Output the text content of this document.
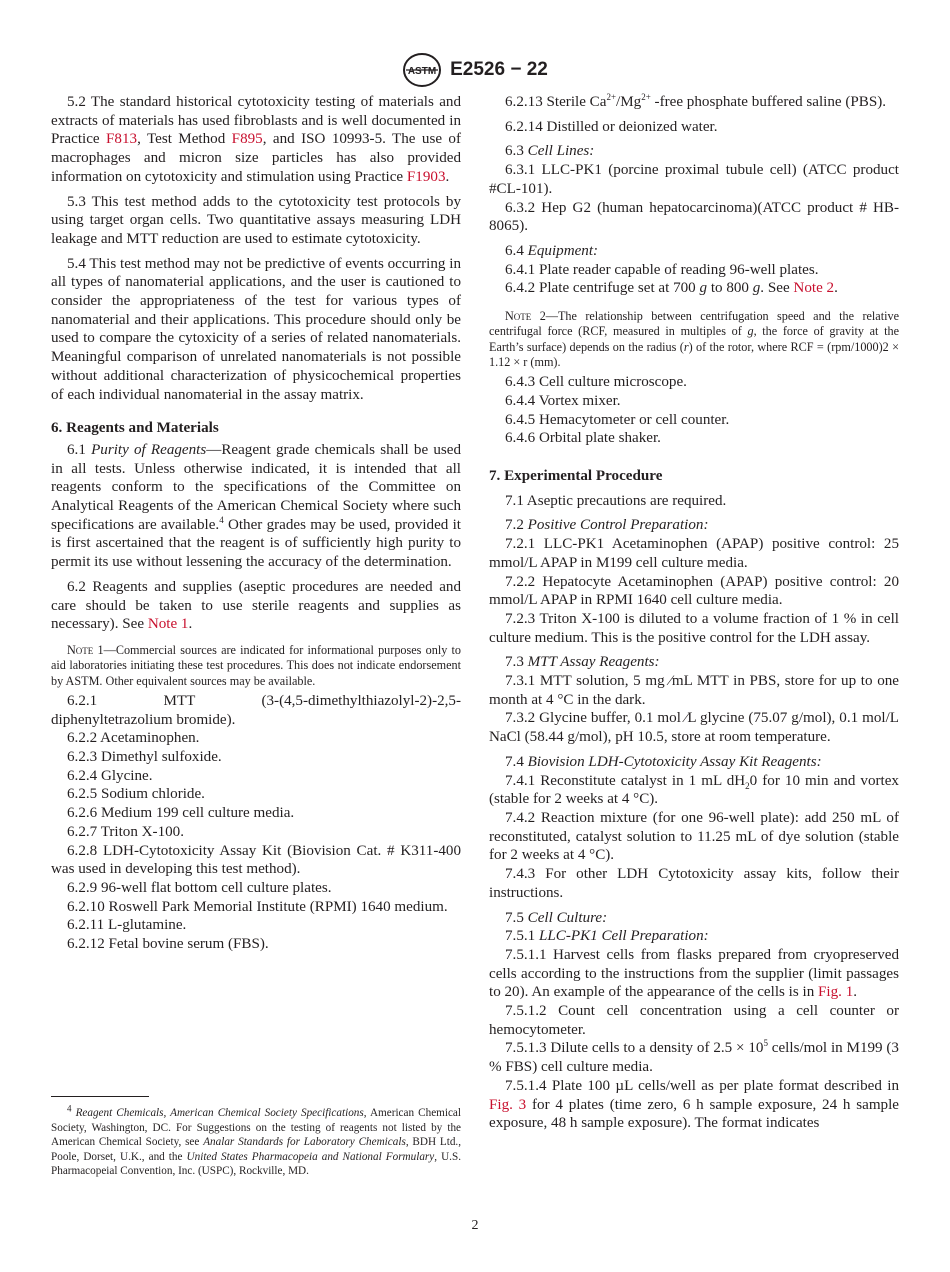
ASTM E2526 − 22

5.2 The standard historical cytotoxicity testing of materials and extracts of materials has used fibroblasts and is well documented in Practice F813, Test Method F895, and ISO 10993-5. The use of macrophages and micron size particles has also provided information on cytotoxicity and stimulation using Practice F1903.

5.3 This test method adds to the cytotoxicity test protocols by using target organ cells. Two quantitative assays measuring LDH leakage and MTT reduction are used to estimate cytotoxicity.

5.4 This test method may not be predictive of events occurring in all types of nanomaterial applications, and the user is cautioned to consider the appropriateness of the test for various types of nanomaterial and their applications. This procedure should only be used to compare the cytoxicity of a series of related nanomaterials. Meaningful comparison of unrelated nanomaterials is not possible without additional characterization of physicochemical properties of each individual nanomaterial in the assay matrix.

6. Reagents and Materials

6.1 Purity of Reagents—Reagent grade chemicals shall be used in all tests. Unless otherwise indicated, it is intended that all reagents conform to the specifications of the Committee on Analytical Reagents of the American Chemical Society where such specifications are available.$^4$ Other grades may be used, provided it is first ascertained that the reagent is of sufficiently high purity to permit its use without lessening the accuracy of the determination.

6.2 Reagents and supplies (aseptic procedures are needed and care should be taken to use sterile reagents and supplies as necessary). See Note 1.

Note 1—Commercial sources are indicated for informational purposes only to aid laboratories initiating these test procedures. This does not indicate endorsement by ASTM. Other equivalent sources may be available.

6.2.1 MTT (3-(4,5-dimethylthiazolyl-2)-2,5- diphenyltetrazolium bromide).

6.2.2 Acetaminophen.

6.2.3 Dimethyl sulfoxide.

6.2.4 Glycine.

6.2.5 Sodium chloride.

6.2.6 Medium 199 cell culture media.

6.2.7 Triton X-100.

6.2.8 LDH-Cytotoxicity Assay Kit (Biovision Cat. # K311-400 was used in developing this test method).

6.2.9 96-well flat bottom cell culture plates.

6.2.10 Roswell Park Memorial Institute (RPMI) 1640 medium.

6.2.11 L-glutamine.

6.2.12 Fetal bovine serum (FBS).

$^4$ Reagent Chemicals, American Chemical Society Specifications, American Chemical Society, Washington, DC. For Suggestions on the testing of reagents not listed by the American Chemical Society, see Analar Standards for Laboratory Chemicals, BDH Ltd., Poole, Dorset, U.K., and the United States Pharmacopeia and National Formulary, U.S. Pharmacopeial Convention, Inc. (USPC), Rockville, MD.

6.2.13 Sterile $Ca^{2+}/Mg^{2+}$ -free phosphate buffered saline (PBS).

6.2.14 Distilled or deionized water.

6.3 Cell Lines:

6.3.1 LLC-PK1 (porcine proximal tubule cell) (ATCC product #CL-101).

6.3.2 Hep G2 (human hepatocarcinoma)(ATCC product # HB-8065).

6.4 Equipment:

6.4.1 Plate reader capable of reading 96-well plates.

6.4.2 Plate centrifuge set at 700 g to 800 g. See Note 2.

Note 2—The relationship between centrifugation speed and the relative centrifugal force (RCF, measured in multiples of g, the force of gravity at the Earth’s surface) depends on the radius (r) of the rotor, where RCF = (rpm/1000)2 × 1.12 × r (mm).

6.4.3 Cell culture microscope.

6.4.4 Vortex mixer.

6.4.5 Hemacytometer or cell counter.

6.4.6 Orbital plate shaker.

7. Experimental Procedure

7.1 Aseptic precautions are required.

7.2 Positive Control Preparation:

7.2.1 LLC-PK1 Acetaminophen (APAP) positive control: 25 mmol/L APAP in M199 cell culture media.

7.2.2 Hepatocyte Acetaminophen (APAP) positive control: 20 mmol/L APAP in RPMI 1640 cell culture media.

7.2.3 Triton X-100 is diluted to a volume fraction of 1 % in cell culture medium. This is the positive control for the LDH assay.

7.3 MTT Assay Reagents:

7.3.1 MTT solution, 5 mg ⁄mL MTT in PBS, store for up to one month at 4 °C in the dark.

7.3.2 Glycine buffer, 0.1 mol ⁄L glycine (75.07 g/mol), 0.1 mol/L NaCl (58.44 g/mol), pH 10.5, store at room temperature.

7.4 Biovision LDH-Cytotoxicity Assay Kit Reagents:

7.4.1 Reconstitute catalyst in 1 mL $dH_20$ for 10 min and vortex (stable for 2 weeks at 4 °C).

7.4.2 Reaction mixture (for one 96-well plate): add 250 mL of reconstituted, catalyst solution to 11.25 mL of dye solution (stable for 2 weeks at 4 °C).

7.4.3 For other LDH Cytotoxicity assay kits, follow their instructions.

7.5 Cell Culture:

7.5.1 LLC-PK1 Cell Preparation:

7.5.1.1 Harvest cells from flasks prepared from cryopreserved cells according to the instructions from the supplier (limit passages to 20). An example of the appearance of the cells is in Fig. 1.

7.5.1.2 Count cell concentration using a cell counter or hemocytometer.

7.5.1.3 Dilute cells to a density of $2.5 \times 10^5$ cells/mol in M199 (3 % FBS) cell culture media.

7.5.1.4 Plate 100 µL cells/well as per plate format described in Fig. 3 for 4 plates (time zero, 6 h sample exposure, 24 h sample exposure, 48 h sample exposure). The format indicates

2
